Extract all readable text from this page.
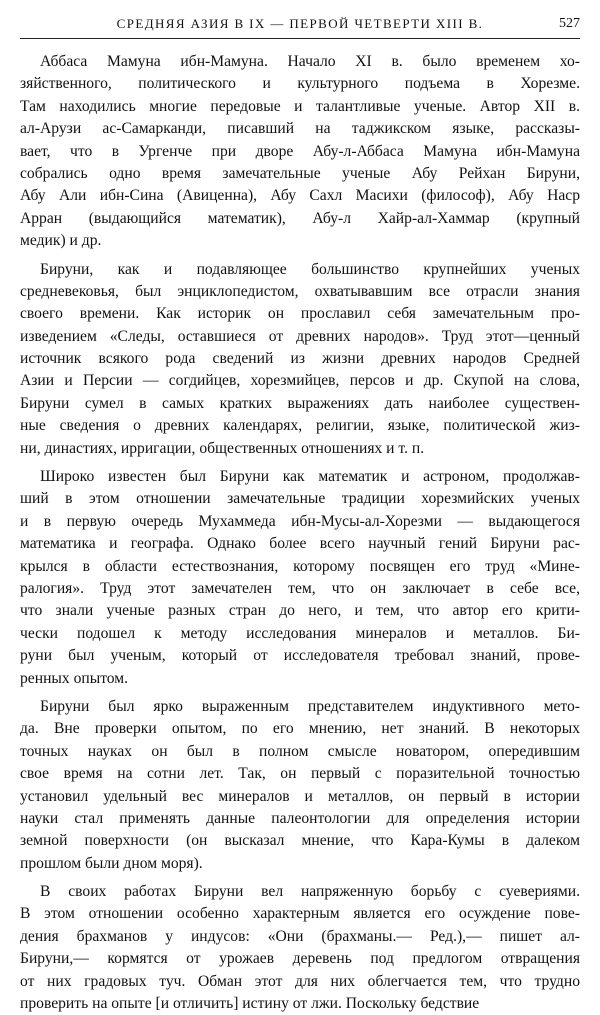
СРЕДНЯЯ АЗИЯ В IX — ПЕРВОЙ ЧЕТВЕРТИ XIII В.	527
Аббаса Мамуна ибн-Мамуна. Начало XI в. было временем хо-
зяйственного, политического и культурного подъема в Хорезме.
Там находились многие передовые и талантливые ученые. Автор XII в.
ал-Арузи ас-Самарканди, писавший на таджикском языке, рассказы-
вает, что в Ургенче при дворе Абу-л-Аббаса Мамуна ибн-Мамуна
собрались одно время замечательные ученые Абу Рейхан Бируни,
Абу Али ибн-Сина (Авиценна), Абу Сахл Масихи (философ), Абу Наср
Арран (выдающийся математик), Абу-л Хайр-ал-Хаммар (крупный
медик) и др.
Бируни, как и подавляющее большинство крупнейших ученых
средневековья, был энциклопедистом, охватывавшим все отрасли знания
своего времени. Как историк он прославил себя замечательным про-
изведением «Следы, оставшиеся от древних народов». Труд этот—ценный
источник всякого рода сведений из жизни древних народов Средней
Азии и Персии — согдийцев, хорезмийцев, персов и др. Скупой на слова,
Бируни сумел в самых кратких выражениях дать наиболее существен-
ные сведения о древних календарях, религии, языке, политической жиз-
ни, династиях, ирригации, общественных отношениях и т. п.
Широко известен был Бируни как математик и астроном, продолжав-
ший в этом отношении замечательные традиции хорезмийских ученых
и в первую очередь Мухаммеда ибн-Мусы-ал-Хорезми — выдающегося
математика и географа. Однако более всего научный гений Бируни рас-
крылся в области естествознания, которому посвящен его труд «Мине-
ралогия». Труд этот замечателен тем, что он заключает в себе все,
что знали ученые разных стран до него, и тем, что автор его крити-
чески подошел к методу исследования минералов и металлов. Би-
руни был ученым, который от исследователя требовал знаний, прове-
ренных опытом.
Бируни был ярко выраженным представителем индуктивного мето-
да. Вне проверки опытом, по его мнению, нет знаний. В некоторых
точных науках он был в полном смысле новатором, опередившим
свое время на сотни лет. Так, он первый с поразительной точностью
установил удельный вес минералов и металлов, он первый в истории
науки стал применять данные палеонтологии для определения истории
земной поверхности (он высказал мнение, что Кара-Кумы в далеком
прошлом были дном моря).
В своих работах Бируни вел напряженную борьбу с суевериями.
В этом отношении особенно характерным является его осуждение пове-
дения брахманов у индусов: «Они (брахманы.— Ред.),— пишет ал-
Бируни,— кормятся от урожаев деревень под предлогом отвращения
от них градовых туч. Обман этот для них облегчается тем, что трудно
проверить на опыте [и отличить] истину от лжи. Поскольку бедствие
